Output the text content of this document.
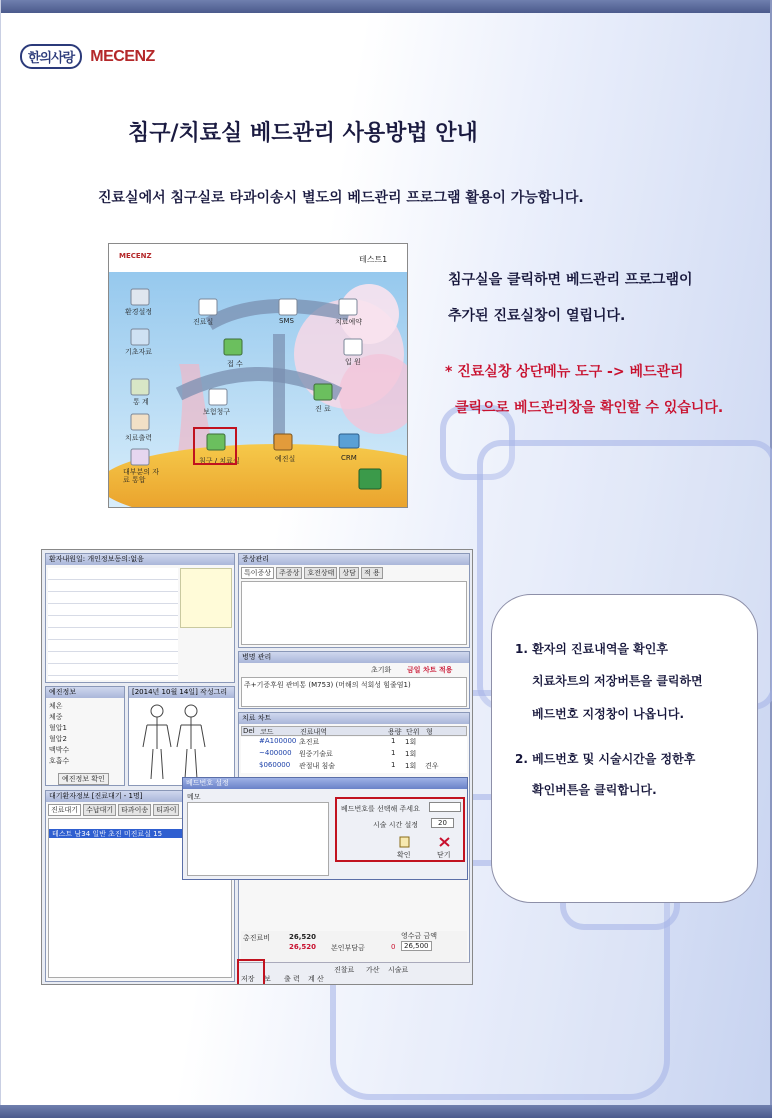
한의사랑	MECENZ
침구/치료실 베드관리 사용방법 안내
진료실에서 침구실로 타과이송시 별도의 베드관리 프로그램 활용이 가능합니다.
MECENZ	테스트1
환경설정
진료실	SMS	치료예약
기초자료
접 수	입 원
통 계
보험청구	진 료
치료출력
침구 / 치료실	예진실	CRM
대부분의 자료 통합
침구실을 클릭하면 베드관리 프로그램이
추가된 진료실창이 열립니다.
* 진료실창 상단메뉴 도구 -> 베드관리
클릭으로 베드관리창을 확인할 수 있습니다.
환자내원일: 개인정보동의:없음	증상관리
특이증상	주증상	호전상태	상담	적 용
병명 관리
초기화 금일 차트 적용
주+기증후원 관비통 (M753) (머해의 석회성 힘줄염1)
예진정보
체온
체중
혈압1
혈압2
맥박수
호흡수
예진정보 확인
[2014년 10월 14일] 작성그리
치료 차트
Del 코드	진료내역	용량 단위 형
#A100000 초진료	1 1회
~400000 원중기술료	1 1회
$060000 관절내 침술	1 1회 견우
총진료비	26,520
본인부담금
26,520	0
영수금 금액
26,500
저장 보 출 력 계 산
진찰료 가산 시술료
대기환자정보 [진료대기 - 1명]
진료대기	수납대기	타과이송	티과이
테스트 남34 일반 초진 미진료실 15
베드번호 설정
메모
베드번호를 선택해 주세요
시술 시간 설정	20
확인	닫기
1. 환자의 진료내역을 확인후
치료차트의 저장버튼을 클릭하면
베드번호 지정창이 나옵니다.
2. 베드번호 및 시술시간을 정한후
확인버튼을 클릭합니다.
